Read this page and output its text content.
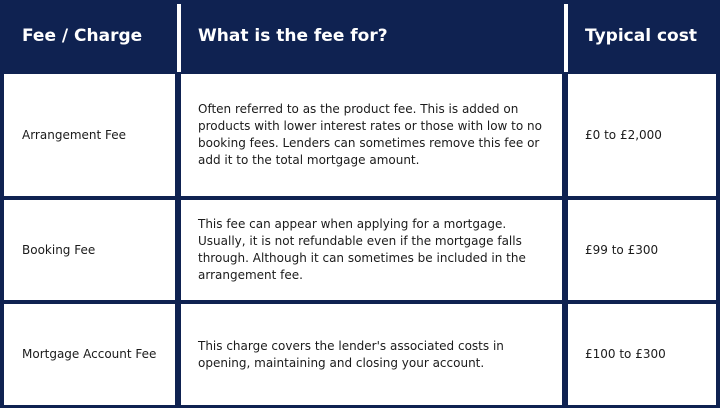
Fee / Charge	What is the fee for?	Typical cost
Arrangement Fee
Often referred to as the product fee. This is added on products with lower interest rates or those with low to no booking fees. Lenders can sometimes remove this fee or add it to the total mortgage amount.
£0 to £2,000
Booking Fee
This fee can appear when applying for a mortgage. Usually, it is not refundable even if the mortgage falls through. Although it can sometimes be included in the arrangement fee.
£99 to £300
Mortgage Account Fee
This charge covers the lender's associated costs in opening, maintaining and closing your account.
£100 to £300
